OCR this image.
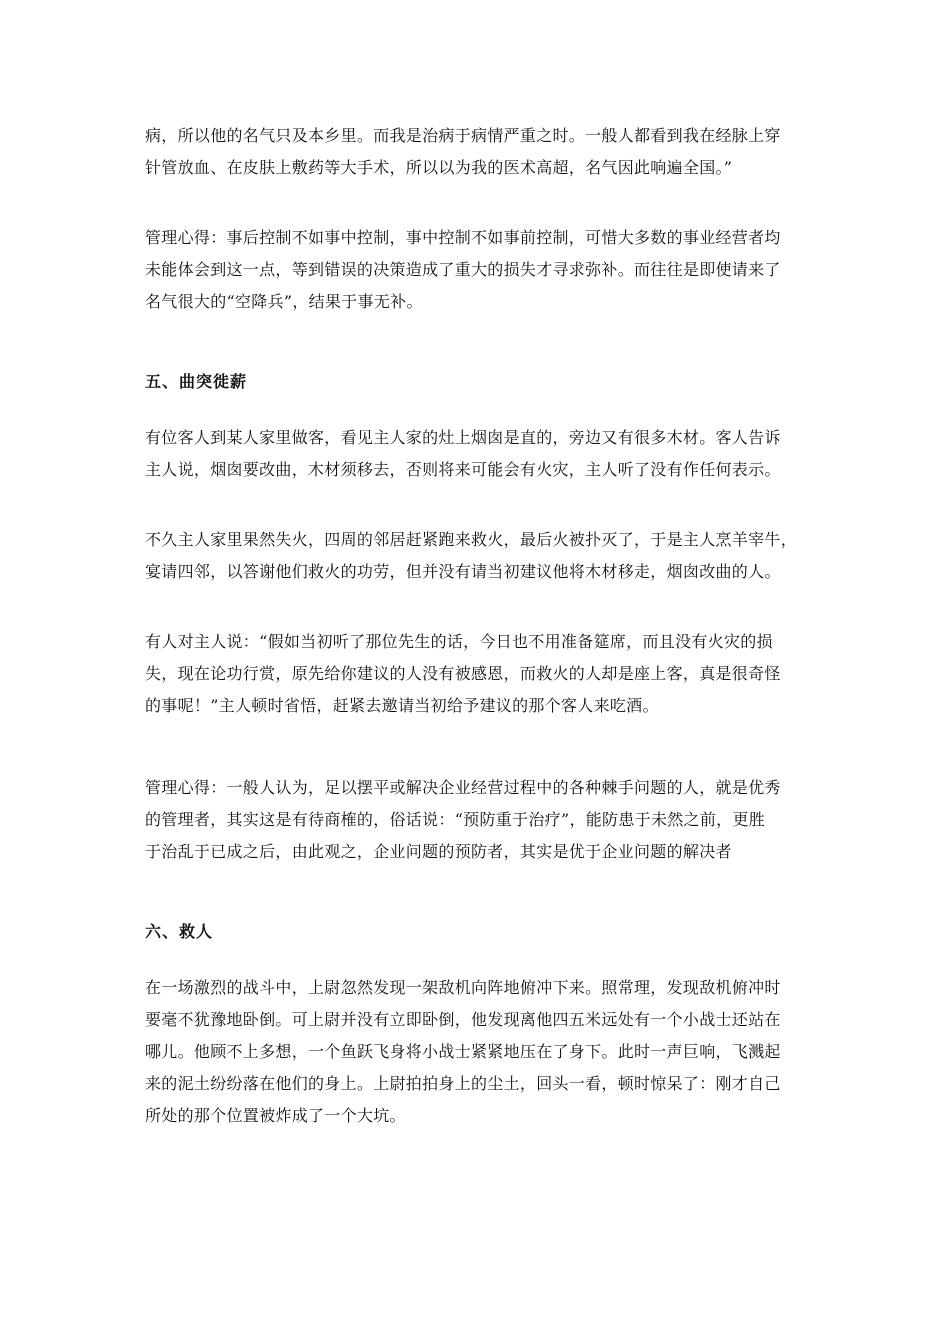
病，所以他的名气只及本乡里。而我是治病于病情严重之时。一般人都看到我在经脉上穿
针管放血、在皮肤上敷药等大手术，所以以为我的医术高超，名气因此响遍全国。”
管理心得：事后控制不如事中控制，事中控制不如事前控制，可惜大多数的事业经营者均
未能体会到这一点，等到错误的决策造成了重大的损失才寻求弥补。而往往是即使请来了
名气很大的“空降兵”，结果于事无补。
五、曲突徙薪
有位客人到某人家里做客，看见主人家的灶上烟囱是直的，旁边又有很多木材。客人告诉
主人说，烟囱要改曲，木材须移去，否则将来可能会有火灾，主人听了没有作任何表示。
不久主人家里果然失火，四周的邻居赶紧跑来救火，最后火被扑灭了，于是主人烹羊宰牛，
宴请四邻，以答谢他们救火的功劳，但并没有请当初建议他将木材移走，烟囱改曲的人。
有人对主人说：“假如当初听了那位先生的话，今日也不用准备筵席，而且没有火灾的损
失，现在论功行赏，原先给你建议的人没有被感恩，而救火的人却是座上客，真是很奇怪
的事呢！”主人顿时省悟，赶紧去邀请当初给予建议的那个客人来吃酒。
管理心得：一般人认为，足以摆平或解决企业经营过程中的各种棘手问题的人，就是优秀
的管理者，其实这是有待商榷的，俗话说：“预防重于治疗”，能防患于未然之前，更胜
于治乱于已成之后，由此观之，企业问题的预防者，其实是优于企业问题的解决者
六、救人
在一场激烈的战斗中，上尉忽然发现一架敌机向阵地俯冲下来。照常理，发现敌机俯冲时
要毫不犹豫地卧倒。可上尉并没有立即卧倒，他发现离他四五米远处有一个小战士还站在
哪儿。他顾不上多想，一个鱼跃飞身将小战士紧紧地压在了身下。此时一声巨响，飞溅起
来的泥土纷纷落在他们的身上。上尉拍拍身上的尘土，回头一看，顿时惊呆了：刚才自己
所处的那个位置被炸成了一个大坑。
